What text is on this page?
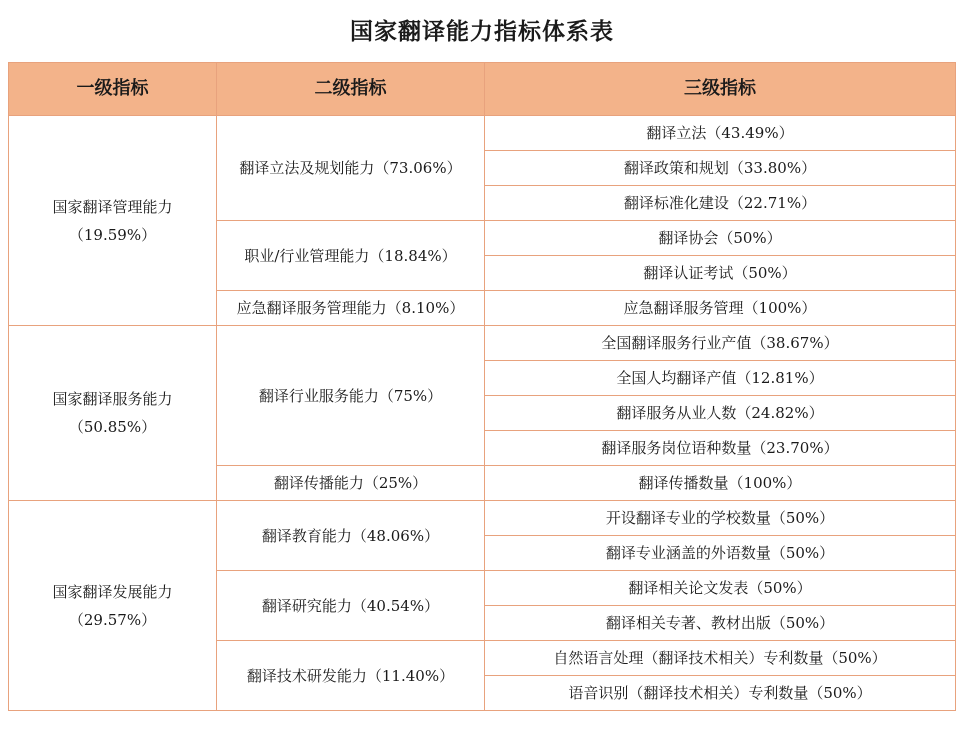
国家翻译能力指标体系表
一级指标	二级指标	三级指标

国家翻译管理能力
（19.59%）	翻译立法及规划能力（73.06%）	翻译立法（43.49%）
		翻译政策和规划（33.80%）
		翻译标准化建设（22.71%）
	职业/行业管理能力（18.84%）	翻译协会（50%）
		翻译认证考试（50%）
	应急翻译服务管理能力（8.10%）	应急翻译服务管理（100%）

国家翻译服务能力
（50.85%）	翻译行业服务能力（75%）	全国翻译服务行业产值（38.67%）
		全国人均翻译产值（12.81%）
		翻译服务从业人数（24.82%）
		翻译服务岗位语种数量（23.70%）
	翻译传播能力（25%）	翻译传播数量（100%）

国家翻译发展能力
（29.57%）	翻译教育能力（48.06%）	开设翻译专业的学校数量（50%）
		翻译专业涵盖的外语数量（50%）
	翻译研究能力（40.54%）	翻译相关论文发表（50%）
		翻译相关专著、教材出版（50%）
	翻译技术研发能力（11.40%）	自然语言处理（翻译技术相关）专利数量（50%）
		语音识别（翻译技术相关）专利数量（50%）
